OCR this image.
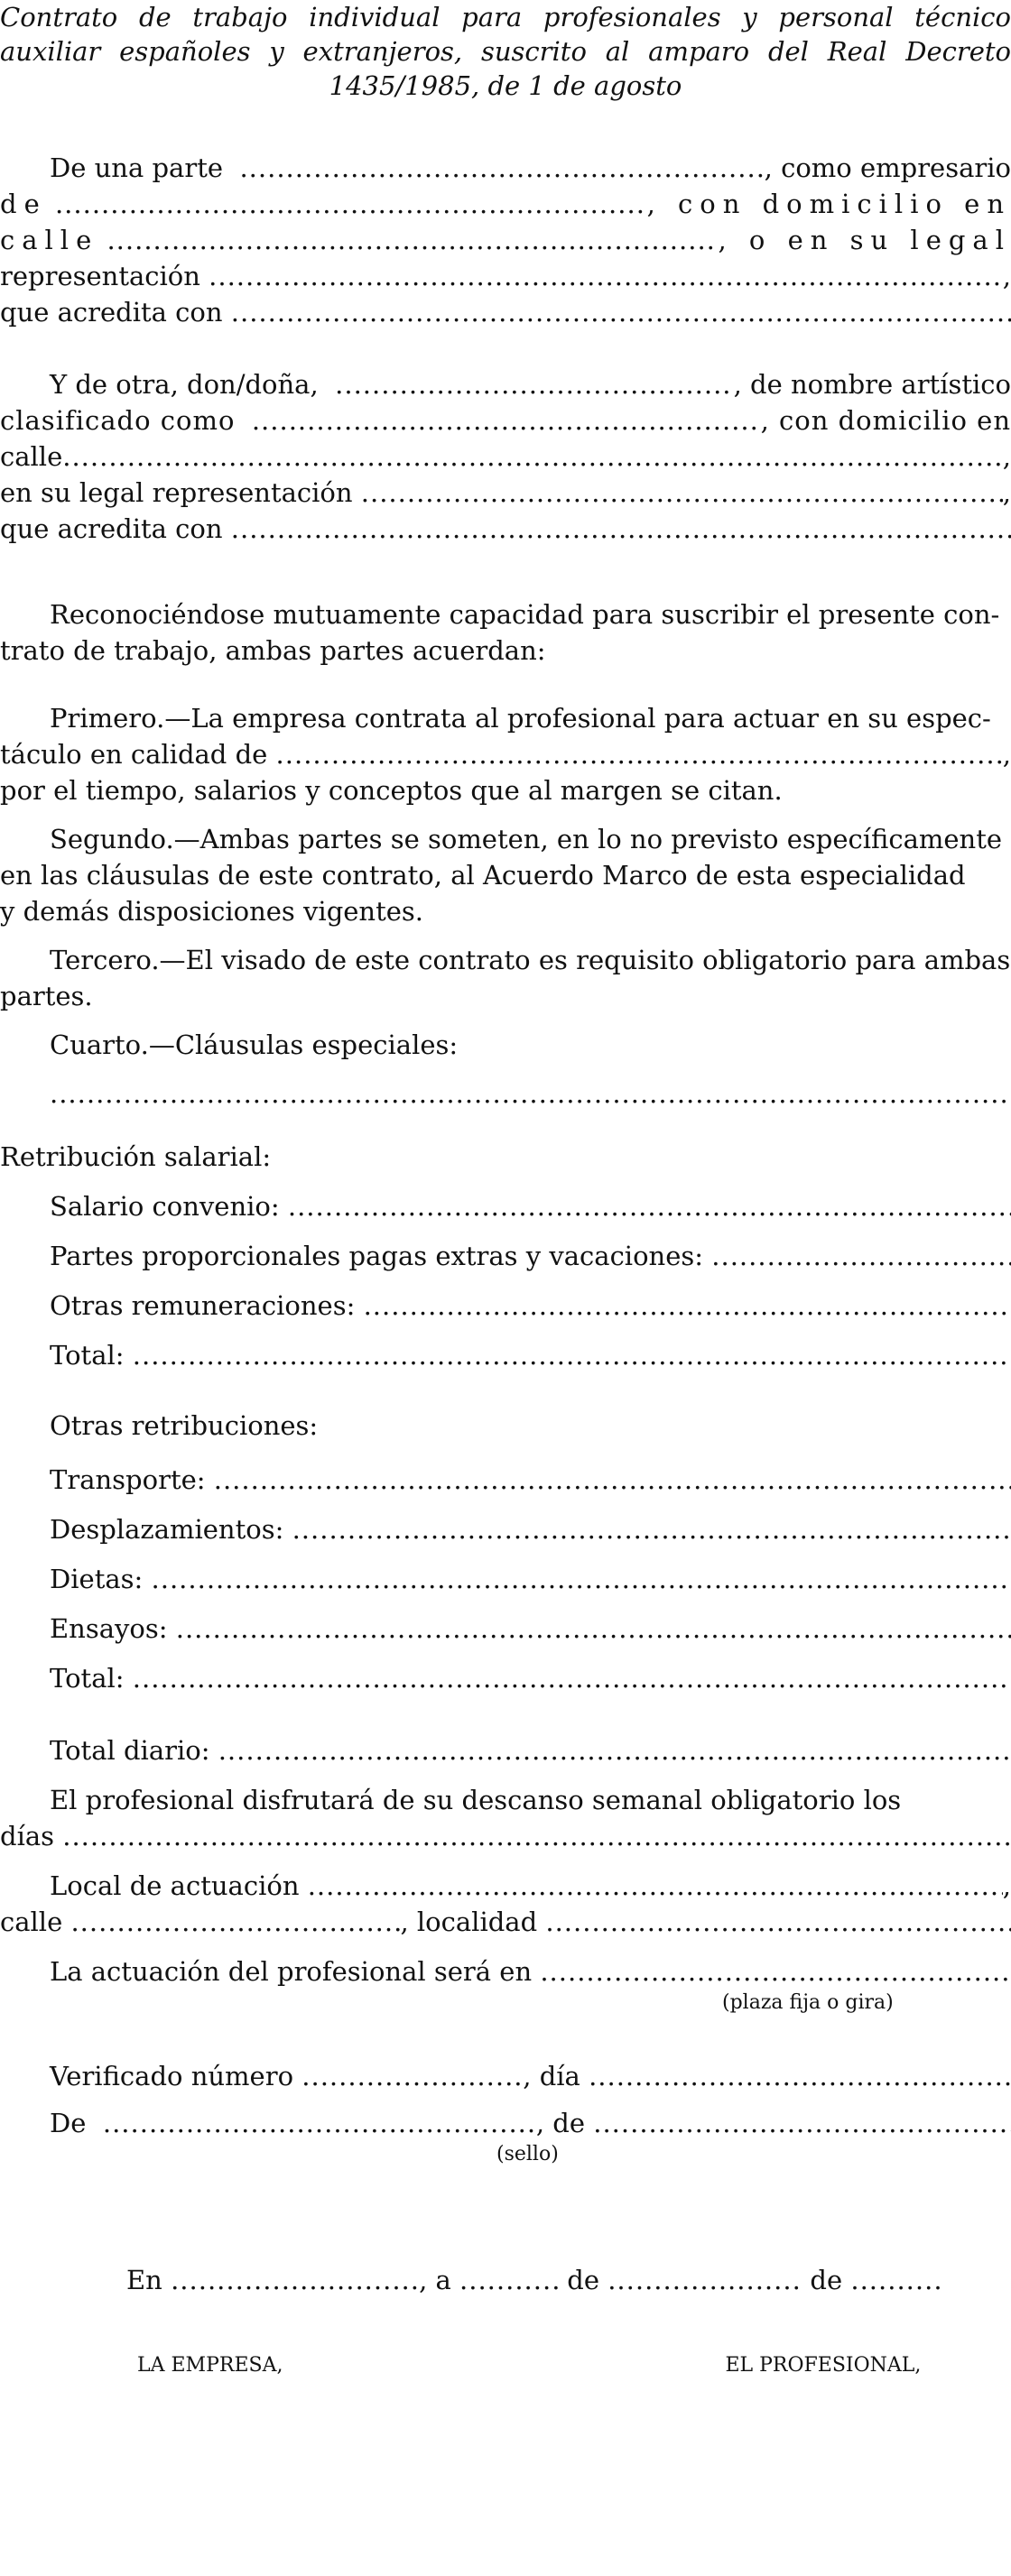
Contrato de trabajo individual para profesionales y personal técnico
auxiliar españoles y extranjeros, suscrito al amparo del Real Decreto
1435/1985, de 1 de agosto
De una parte
.....	, como empresario
de
.....	, con domicilio en
calle
.....	, o en su legal
representación
.....	,
que acredita con

.....
Y de otra, don/doña,
.....	, de nombre artístico
clasificado como
.....	, con domicilio en
calle .....	,
en su legal representación
.....	,
que acredita con

.....
Reconociéndose mutuamente capacidad para suscribir el presente con-
trato de trabajo, ambas partes acuerdan:
Primero.—La empresa contrata al profesional para actuar en su espec-
táculo en calidad de
.....	,
por el tiempo, salarios y conceptos que al margen se citan.
Segundo.—Ambas partes se someten, en lo no previsto específicamente
en las cláusulas de este contrato, al Acuerdo Marco de esta especialidad
y demás disposiciones vigentes.
Tercero.—El visado de este contrato es requisito obligatorio para ambas
partes.
Cuarto.—Cláusulas especiales:
.....
Retribución salarial:
Salario convenio:

.....
Partes proporcionales pagas extras y vacaciones:

.....
Otras remuneraciones:

.....
Total:

.....
Otras retribuciones:
Transporte:

.....
Desplazamientos:

.....
Dietas:

.....
Ensayos:

.....
Total:

.....
Total diario:

.....
El profesional disfrutará de su descanso semanal obligatorio los
días

.....
Local de actuación
.....	,
calle
.....	, localidad

.....
La actuación del profesional será en

.....
(plaza fija o gira)
Verificado número
.....	, día

.....
De
.....	, de

.....
(sello)
En
.....	, a
.....
	de
.....
	de

.....
LA EMPRESA,	EL PROFESIONAL,
